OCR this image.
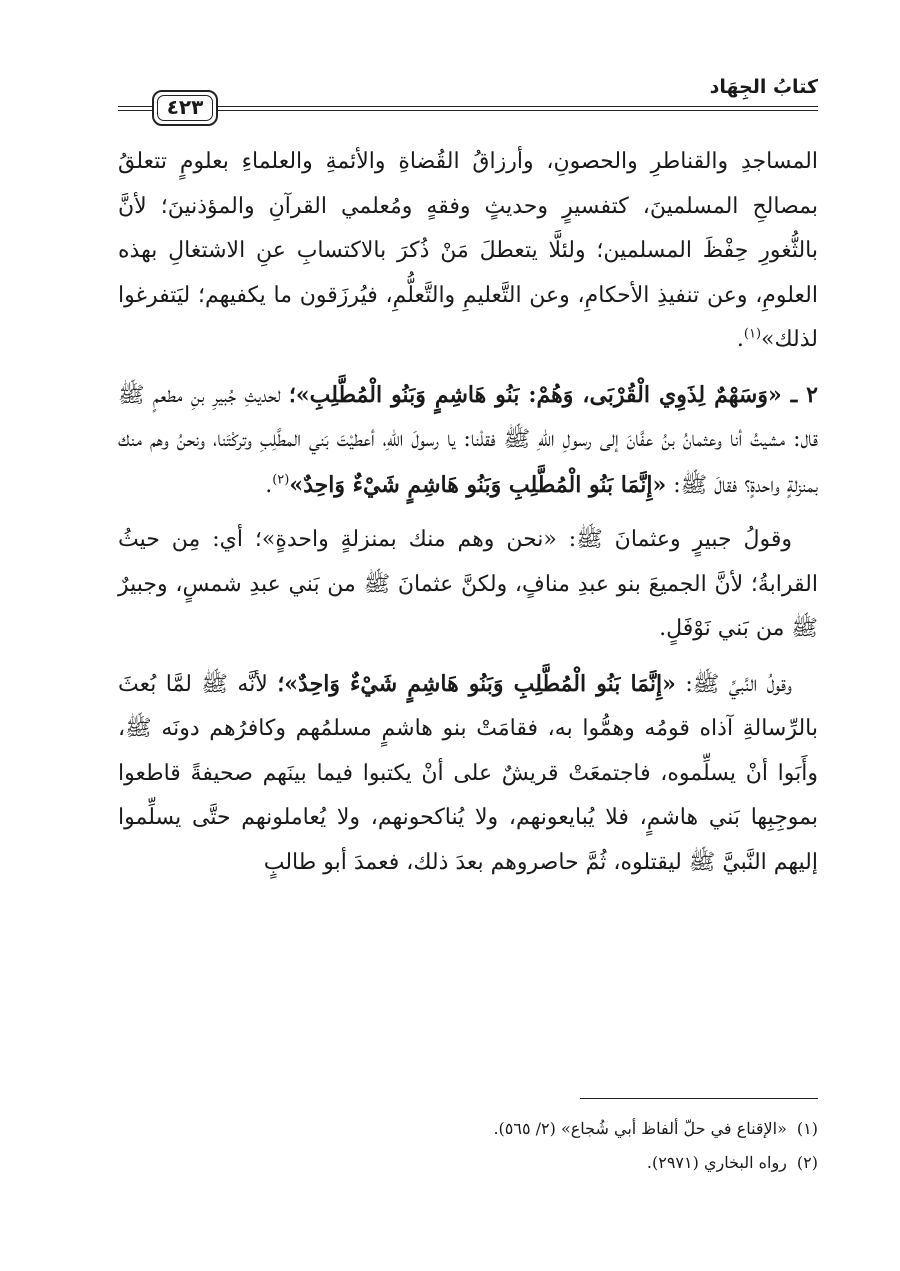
كتابُ الجِهَاد
٤٢٣

المساجدِ والقناطرِ والحصونِ، وأرزاقُ القُضاةِ والأئمةِ والعلماءِ بعلومٍ تتعلقُ بمصالحِ المسلمينَ، كتفسيرٍ وحديثٍ وفقهٍ ومُعلمي القرآنِ والمؤذنينَ؛ لأنَّ بالثُّغورِ حِفْظَ المسلمين؛ ولئلَّا يتعطلَ مَنْ ذُكرَ بالاكتسابِ عنِ الاشتغالِ بهذه العلومِ، وعن تنفيذِ الأحكامِ، وعن التَّعليمِ والتَّعلُّمِ، فيُرزَقون ما يكفيهم؛ ليَتفرغوا لذلك»$^{(١)}$.

٢ ـ «وَسَهْمٌ لِذَوِي الْقُرْبَى، وَهُمْ: بَنُو هَاشِمٍ وَبَنُو الْمُطَّلِبِ»؛ لحديثِ جُبيرِ بنِ مطعمٍ ﷺ قال: مشيتُ أنا وعثمانُ بنُ عفَّانَ إلى رسولِ اللهِ ﷺ فقلْنا: يا رسولَ اللهِ، أعطيْتَ بَني المطَّلِبِ وتركْتَنا، ونحنُ وهم منك بمنزلةٍ واحدةٍ؟ فقالَ ﷺ: «إِنَّمَا بَنُو الْمُطَّلِبِ وَبَنُو هَاشِمٍ شَيْءٌ وَاحِدٌ»$^{(٢)}$.

وقولُ جبيرٍ وعثمانَ ﷺ: «نحن وهم منك بمنزلةٍ واحدةٍ»؛ أي: مِن حيثُ القرابةُ؛ لأنَّ الجميعَ بنو عبدِ منافٍ، ولكنَّ عثمانَ ﷺ من بَني عبدِ شمسٍ، وجبيرٌ ﷺ من بَني نَوْفَلٍ.

وقولُ النَّبيِّ ﷺ: «إِنَّمَا بَنُو الْمُطَّلِبِ وَبَنُو هَاشِمٍ شَيْءٌ وَاحِدٌ»؛ لأنَّه ﷺ لمَّا بُعثَ بالرِّسالةِ آذاه قومُه وهمُّوا به، فقامَتْ بنو هاشمٍ مسلمُهم وكافرُهم دونَه ﷺ، وأَبَوا أنْ يسلِّموه، فاجتمعَتْ قريشٌ على أنْ يكتبوا فيما بينَهم صحيفةً قاطعوا بموجِبِها بَني هاشمٍ، فلا يُبايعونهم، ولا يُناكحونهم، ولا يُعاملونهم حتَّى يسلِّموا إليهم النَّبيَّ ﷺ ليقتلوه، ثُمَّ حاصروهم بعدَ ذلك، فعمدَ أبو طالبٍ

(١)«الإقناع في حلّ ألفاظ أبي شُجاع» (٢/ ٥٦٥).

(٢)رواه البخاري (٢٩٧١).
